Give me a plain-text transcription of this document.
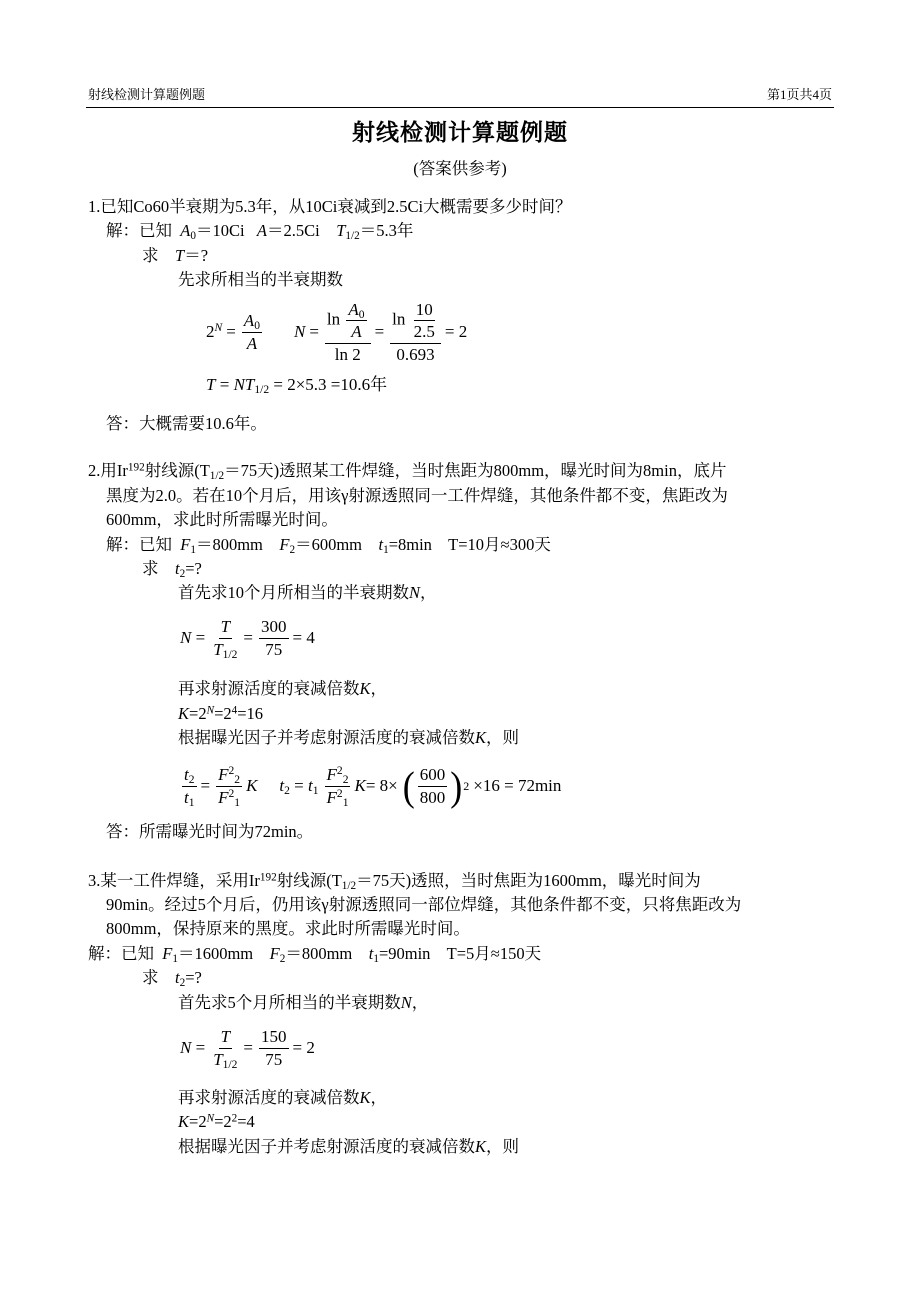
射线检测计算题例题	第1页共4页
射线检测计算题例题
(答案供参考)
1.已知Co60半衰期为5.3年，从10Ci衰减到2.5Ci大概需要多少时间？
解：已知 $A_0=10Ci$ A＝2.5Ci $T_{1/2}=5.3$年
求 T＝?
先求所相当的半衰期数
$2^N = \frac{A_0}{A}$ $N = \frac{\ln \frac{A_0}{A}}{\ln 2} = \frac{\ln \frac{10}{2.5}}{0.693} = 2$
$T = NT_{1/2} = 2\times 5.3 =10.6$年
答：大概需要10.6年。
2.用Ir$^{192}$射线源($T_{1/2}=75$天)透照某工件焊缝，当时焦距为800mm，曝光时间为8min，底片
黑度为2.0。若在10个月后，用该γ射源透照同一工件焊缝，其他条件都不变，焦距改为
600mm，求此时所需曝光时间。
解：已知 $F_1=800mm$ $F_2=600mm$ $t_1=8\min$ T=10月≈300天
求 $t_2=$?
首先求10个月所相当的半衰期数N，
$N = \frac{T}{T_{1/2}} = \frac{300}{75} = 4$
再求射源活度的衰减倍数K，
$K=2^N=2^4=16$
根据曝光因子并考虑射源活度的衰减倍数K，则
$\frac{t_2}{t_1} = \frac{F^2_2}{F^2_1}$ K $t_2 = t_1 \frac{F^2_2}{F^2_1}$ K = 8× ( $\frac{600}{800}$ ) 2 ×16 = 72min
答：所需曝光时间为72min。
3.某一工件焊缝，采用Ir$^{192}$射线源($T_{1/2}=75$天)透照，当时焦距为1600mm，曝光时间为
90min。经过5个月后，仍用该γ射源透照同一部位焊缝，其他条件都不变，只将焦距改为
800mm，保持原来的黑度。求此时所需曝光时间。
解：已知 $F_1=1600mm$ $F_2=800mm$ $t_1=90\min$ T=5月≈150天
求 $t_2=$?
首先求5个月所相当的半衰期数N，
$N = \frac{T}{T_{1/2}} = \frac{150}{75} = 2$
再求射源活度的衰减倍数K，
$K=2^N=2^2=4$
根据曝光因子并考虑射源活度的衰减倍数K，则
